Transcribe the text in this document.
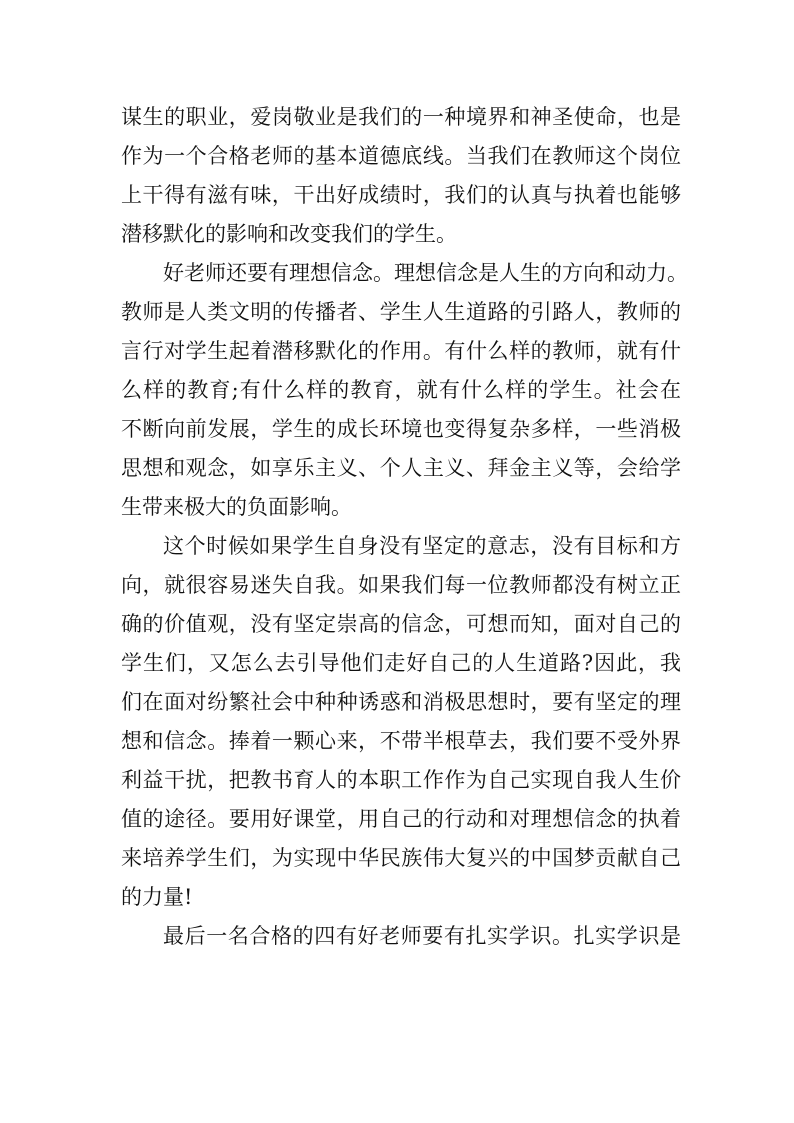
谋生的职业，爱岗敬业是我们的一种境界和神圣使命，也是
作为一个合格老师的基本道德底线。当我们在教师这个岗位
上干得有滋有味，干出好成绩时，我们的认真与执着也能够
潜移默化的影响和改变我们的学生。
好老师还要有理想信念。理想信念是人生的方向和动力。
教师是人类文明的传播者、学生人生道路的引路人，教师的
言行对学生起着潜移默化的作用。有什么样的教师，就有什
么样的教育;有什么样的教育，就有什么样的学生。社会在
不断向前发展，学生的成长环境也变得复杂多样，一些消极
思想和观念，如享乐主义、个人主义、拜金主义等，会给学
生带来极大的负面影响。
这个时候如果学生自身没有坚定的意志，没有目标和方
向，就很容易迷失自我。如果我们每一位教师都没有树立正
确的价值观，没有坚定崇高的信念，可想而知，面对自己的
学生们，又怎么去引导他们走好自己的人生道路?因此，我
们在面对纷繁社会中种种诱惑和消极思想时，要有坚定的理
想和信念。捧着一颗心来，不带半根草去，我们要不受外界
利益干扰，把教书育人的本职工作作为自己实现自我人生价
值的途径。要用好课堂，用自己的行动和对理想信念的执着
来培养学生们，为实现中华民族伟大复兴的中国梦贡献自己
的力量!
最后一名合格的四有好老师要有扎实学识。扎实学识是
